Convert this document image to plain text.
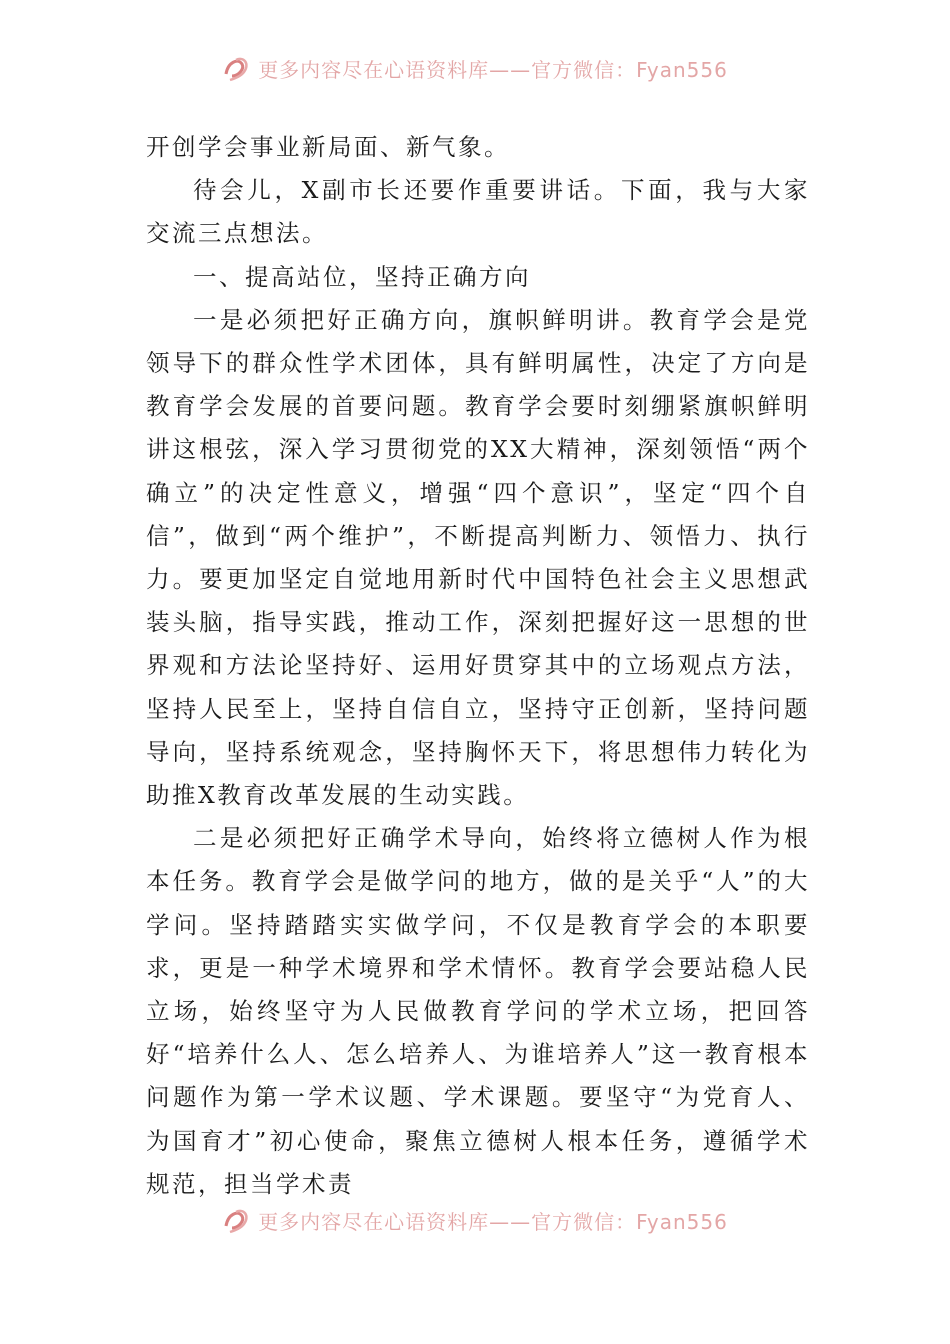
更多内容尽在心语资料库——官方微信：Fyan556

开创学会事业新局面、新气象。

待会儿，X副市长还要作重要讲话。下面，我与大家交流三点想法。

一、提高站位，坚持正确方向

一是必须把好正确方向，旗帜鲜明讲。教育学会是党领导下的群众性学术团体，具有鲜明属性，决定了方向是教育学会发展的首要问题。教育学会要时刻绷紧旗帜鲜明讲这根弦，深入学习贯彻党的XX大精神，深刻领悟“两个确立”的决定性意义，增强“四个意识”，坚定“四个自信”，做到“两个维护”，不断提高判断力、领悟力、执行力。要更加坚定自觉地用新时代中国特色社会主义思想武装头脑，指导实践，推动工作，深刻把握好这一思想的世界观和方法论坚持好、运用好贯穿其中的立场观点方法，坚持人民至上，坚持自信自立，坚持守正创新，坚持问题导向，坚持系统观念，坚持胸怀天下，将思想伟力转化为助推X教育改革发展的生动实践。

二是必须把好正确学术导向，始终将立德树人作为根本任务。教育学会是做学问的地方，做的是关乎“人”的大学问。坚持踏踏实实做学问，不仅是教育学会的本职要求，更是一种学术境界和学术情怀。教育学会要站稳人民立场，始终坚守为人民做教育学问的学术立场，把回答好“培养什么人、怎么培养人、为谁培养人”这一教育根本问题作为第一学术议题、学术课题。要坚守“为党育人、为国育才”初心使命，聚焦立德树人根本任务，遵循学术规范，担当学术责

更多内容尽在心语资料库——官方微信：Fyan556
